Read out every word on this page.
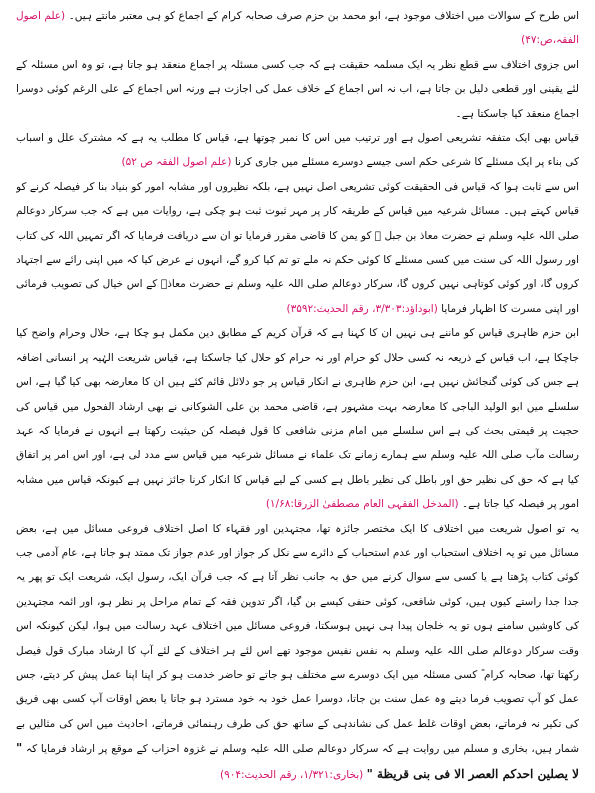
اس طرح کے سوالات میں اختلاف موجود ہے، ابو محمد بن حزم صرف صحابہ کرام کے اجماع کو ہی معتبر مانتے ہیں۔ (علم اصول الفقہ،ص:۴۷)

اس جزوی اختلاف سے قطع نظر یہ ایک مسلمہ حقیقت ہے کہ جب کسی مسئلہ پر اجماع منعقد ہو جاتا ہے، تو وہ اس مسئلہ کے لئے یقینی اور قطعی دلیل بن جاتا ہے، اب نہ اس اجماع کے خلاف عمل کی اجازت ہے ورنہ اس اجماع کے علی الرغم کوئی دوسرا اجماع منعقد کیا جاسکتا ہے۔

قیاس بھی ایک متفقہ تشریعی اصول ہے اور ترتیب میں اس کا نمبر چوتھا ہے، قیاس کا مطلب یہ ہے کہ مشترک علل و اسباب کی بناء پر ایک مسئلے کا شرعی حکم اسی جیسے دوسرے مسئلے میں جاری کرنا (علم اصول الفقہ ص ۵۲)

اس سے ثابت ہوا کہ قیاس فی الحقیقت کوئی تشریعی اصل نہیں ہے، بلکہ نظیروں اور مشابہ امور کو بنیاد بنا کر فیصلہ کرنے کو قیاس کہتے ہیں۔ مسائل شرعیہ میں قیاس کے طریقہ کار پر مہر ثبوت ثبت ہو چکی ہے، روایات میں ہے کہ جب سرکار دوعالم صلی اللہ علیہ وسلم نے حضرت معاذ بن جبل ؓ کو یمن کا قاضی مقرر فرمایا تو ان سے دریافت فرمایا کہ اگر تمہیں اللہ کی کتاب اور رسول اللہ کی سنت میں کسی مسئلے کا کوئی حکم نہ ملے تو تم کیا کرو گے، انہوں نے عرض کیا کہ میں اپنی رائے سے اجتہاد کروں گا، اور کوئی کوتاہی نہیں کروں گا، سرکار دوعالم صلی اللہ علیہ وسلم نے حضرت معاذؓ کے اس خیال کی تصویب فرمائی اور اپنی مسرت کا اظہار فرمایا (ابوداؤد:۳/۳۰۳، رقم الحدیث:۳۵۹۲)

ابن حزم ظاہری قیاس کو ماننے ہی نہیں ان کا کہنا ہے کہ قرآن کریم کے مطابق دین مکمل ہو چکا ہے، حلال وحرام واضح کیا جاچکا ہے، اب قیاس کے ذریعہ نہ کسی حلال کو حرام اور نہ حرام کو حلال کیا جاسکتا ہے، قیاس شریعت الہٰیہ پر انسانی اضافہ ہے جس کی کوئی گنجائش نہیں ہے، ابن حزم ظاہری نے انکار قیاس پر جو دلائل قائم کئے ہیں ان کا معارضہ بھی کیا گیا ہے، اس سلسلے میں ابو الولید الباجی کا معارضہ بہت مشہور ہے، قاضی محمد بن علی الشوکانی نے بھی ارشاد الفحول میں قیاس کی حجیت پر قیمتی بحث کی ہے اس سلسلے میں امام مزنی شافعی کا قول فیصلہ کن حیثیت رکھتا ہے انہوں نے فرمایا کہ عہد رسالت مآب صلی اللہ علیہ وسلم سے ہمارے زمانے تک علماء نے مسائل شرعیہ میں قیاس سے مدد لی ہے، اور اس امر پر اتفاق کیا ہے کہ حق کی نظیر حق اور باطل کی نظیر باطل ہے کسی کے لیے قیاس کا انکار کرنا جائز نہیں ہے کیونکہ قیاس میں مشابہ امور پر فیصلہ کیا جاتا ہے۔ (المدخل الفقہی العام مصطفیٰ الزرقا:۱/۶۸)

یہ تو اصول شریعت میں اختلاف کا ایک مختصر جائزہ تھا، مجتہدین اور فقہاء کا اصل اختلاف فروعی مسائل میں ہے، بعض مسائل میں تو یہ اختلاف استحباب اور عدم استحباب کے دائرے سے نکل کر جواز اور عدم جواز تک ممتد ہو جاتا ہے، عام آدمی جب کوئی کتاب پڑھتا ہے یا کسی سے سوال کرنے میں حق بہ جانب نظر آتا ہے کہ جب قرآن ایک، رسول ایک، شریعت ایک تو پھر یہ جدا جدا راستے کیوں ہیں، کوئی شافعی، کوئی حنفی کیسے بن گیا، اگر تدوین فقہ کے تمام مراحل پر نظر ہو، اور ائمہ مجتہدین کی کاوشیں سامنے ہوں تو یہ خلجان پیدا ہی نہیں ہوسکتا، فروعی مسائل میں اختلاف عہد رسالت میں ہوا، لیکن کیونکہ اس وقت سرکار دوعالم صلی اللہ علیہ وسلم بہ نفس نفیس موجود تھے اس لئے ہر اختلاف کے لئے آپ کا ارشاد مبارک قول فیصل رکھتا تھا، صحابہ کرام ؓ کسی مسئلہ میں ایک دوسرے سے مختلف ہو جاتے تو حاضر خدمت ہو کر اپنا اپنا عمل پیش کر دیتے، جس عمل کو آپ تصویب فرما دیتے وہ عمل سنت بن جاتا، دوسرا عمل خود بہ خود مسترد ہو جاتا یا بعض اوقات آپ کسی بھی فریق کی تکیر نہ فرماتے، بعض اوقات غلط عمل کی نشاندہی کے ساتھ حق کی طرف رہنمائی فرماتے، احادیث میں اس کی مثالیں بے شمار ہیں، بخاری و مسلم میں روایت ہے کہ سرکار دوعالم صلی اللہ علیہ وسلم نے غزوہ احزاب کے موقع پر ارشاد فرمایا کہ " لا یصلین احدکم العصر الا فی بنی قریظة " (بخاری:۱/۳۲۱، رقم الحدیث:۹۰۴)
